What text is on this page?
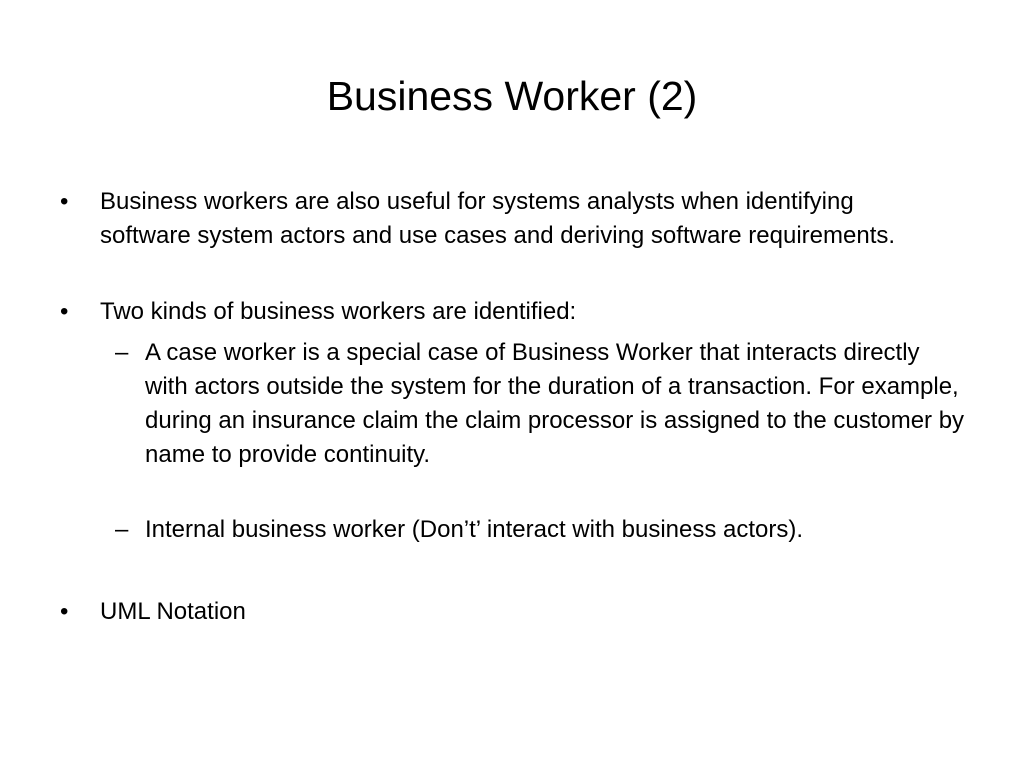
Business Worker (2)
• Business workers are also useful for systems analysts when identifying software system actors and use cases and deriving software requirements.
• Two kinds of business workers are identified:
– A case worker is a special case of Business Worker that interacts directly with actors outside the system for the duration of a transaction. For example, during an insurance claim the claim processor is assigned to the customer by name to provide continuity.
– Internal business worker (Don’t’ interact with business actors).
• UML Notation
